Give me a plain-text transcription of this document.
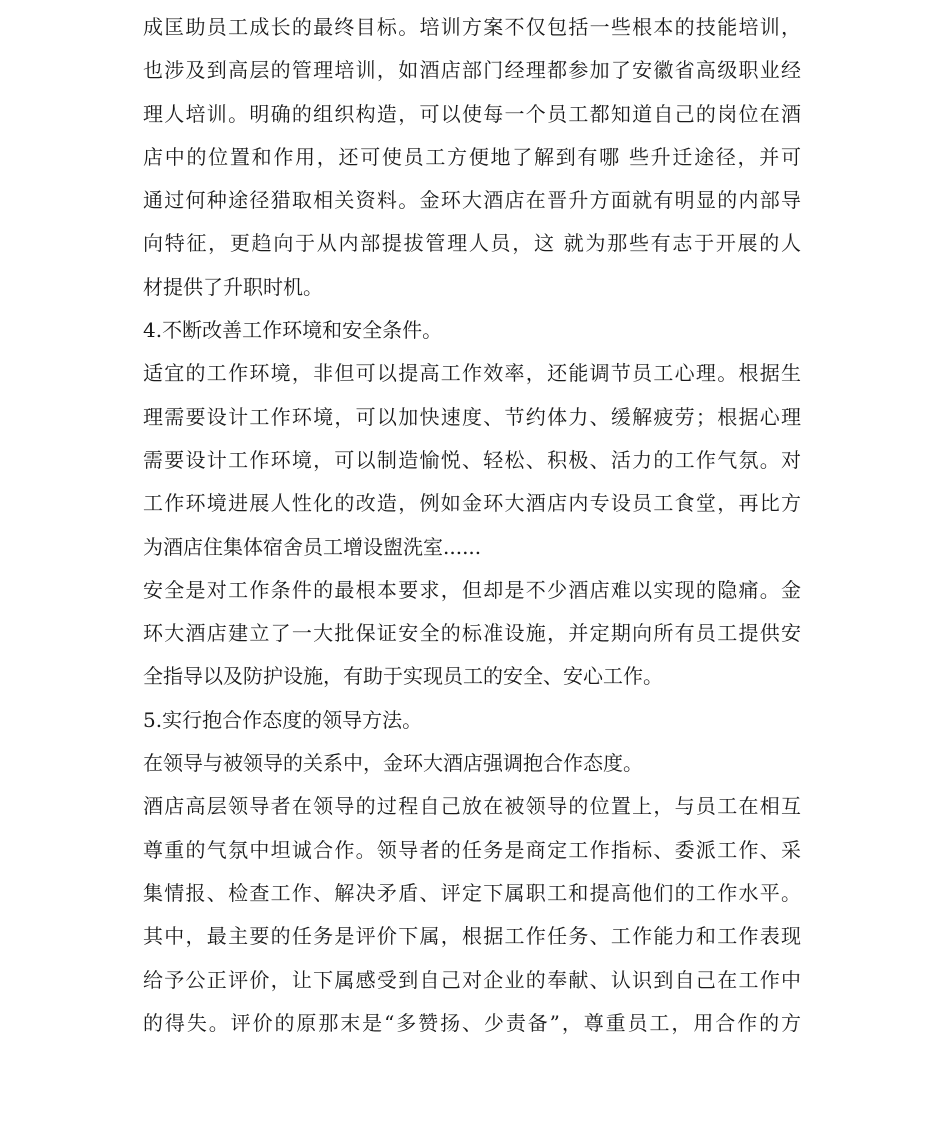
成匡助员工成长的最终目标。培训方案不仅包括一些根本的技能培训，
也涉及到高层的管理培训，如酒店部门经理都参加了安徽省高级职业经
理人培训。明确的组织构造，可以使每一个员工都知道自己的岗位在酒
店中的位置和作用，还可使员工方便地了解到有哪 些升迁途径，并可
通过何种途径猎取相关资料。金环大酒店在晋升方面就有明显的内部导
向特征，更趋向于从内部提拔管理人员，这 就为那些有志于开展的人
材提供了升职时机。
4.不断改善工作环境和安全条件。
适宜的工作环境，非但可以提高工作效率，还能调节员工心理。根据生
理需要设计工作环境，可以加快速度、节约体力、缓解疲劳；根据心理
需要设计工作环境，可以制造愉悦、轻松、积极、活力的工作气氛。对
工作环境进展人性化的改造，例如金环大酒店内专设员工食堂，再比方
为酒店住集体宿舍员工增设盥洗室......
安全是对工作条件的最根本要求，但却是不少酒店难以实现的隐痛。金
环大酒店建立了一大批保证安全的标准设施，并定期向所有员工提供安
全指导以及防护设施，有助于实现员工的安全、安心工作。
5.实行抱合作态度的领导方法。
在领导与被领导的关系中，金环大酒店强调抱合作态度。
酒店高层领导者在领导的过程自己放在被领导的位置上，与员工在相互
尊重的气氛中坦诚合作。领导者的任务是商定工作指标、委派工作、采
集情报、检查工作、解决矛盾、评定下属职工和提高他们的工作水平。
其中，最主要的任务是评价下属，根据工作任务、工作能力和工作表现
给予公正评价，让下属感受到自己对企业的奉献、认识到自己在工作中
的得失。评价的原那末是“多赞扬、少责备”，尊重员工，用合作的方
